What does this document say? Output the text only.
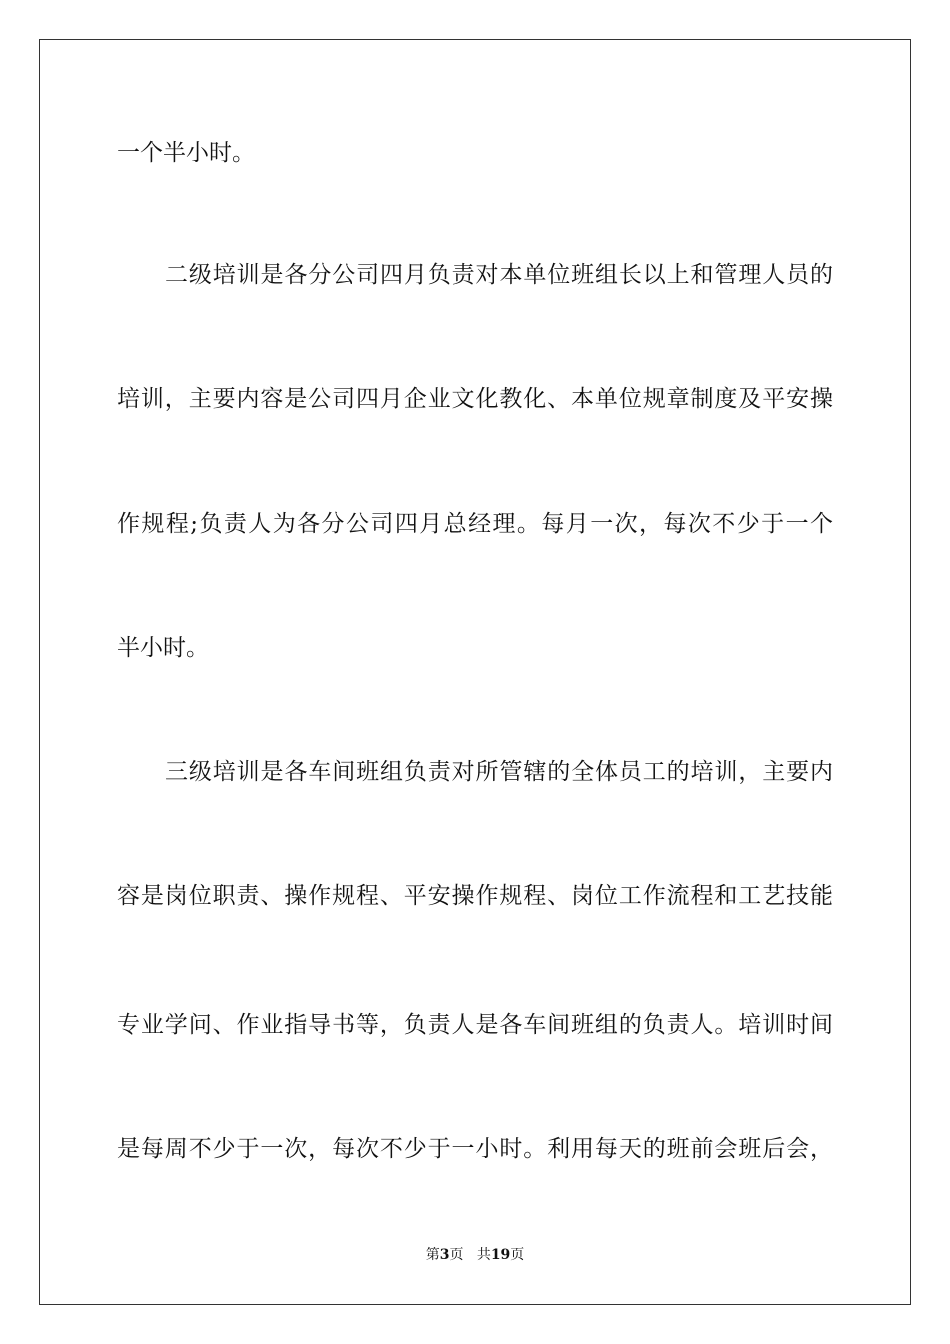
一个半小时。
二级培训是各分公司四月负责对本单位班组长以上和管理人员的
培训，主要内容是公司四月企业文化教化、本单位规章制度及平安操
作规程;负责人为各分公司四月总经理。每月一次，每次不少于一个
半小时。
三级培训是各车间班组负责对所管辖的全体员工的培训，主要内
容是岗位职责、操作规程、平安操作规程、岗位工作流程和工艺技能
专业学问、作业指导书等，负责人是各车间班组的负责人。培训时间
是每周不少于一次，每次不少于一小时。利用每天的班前会班后会，
第3页 共19页
